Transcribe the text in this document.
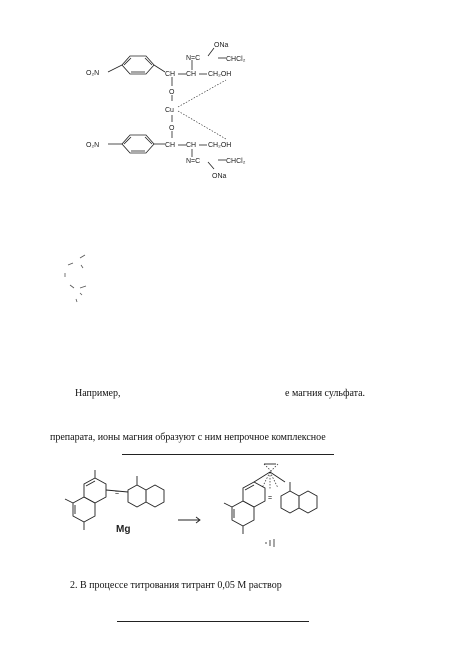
O₂N	CH CH CH₂OH
N=C
ONa
CHCl₂
O
Cu
O
O₂N	CH CH CH₂OH
N=C	CHCl₂
ONa
Например,	е магния сульфата.
препарата, ионы магния образуют с ним непрочное комплексное
=
=
Mg
2. В процессе титрования титрант 0,05 М раствор
